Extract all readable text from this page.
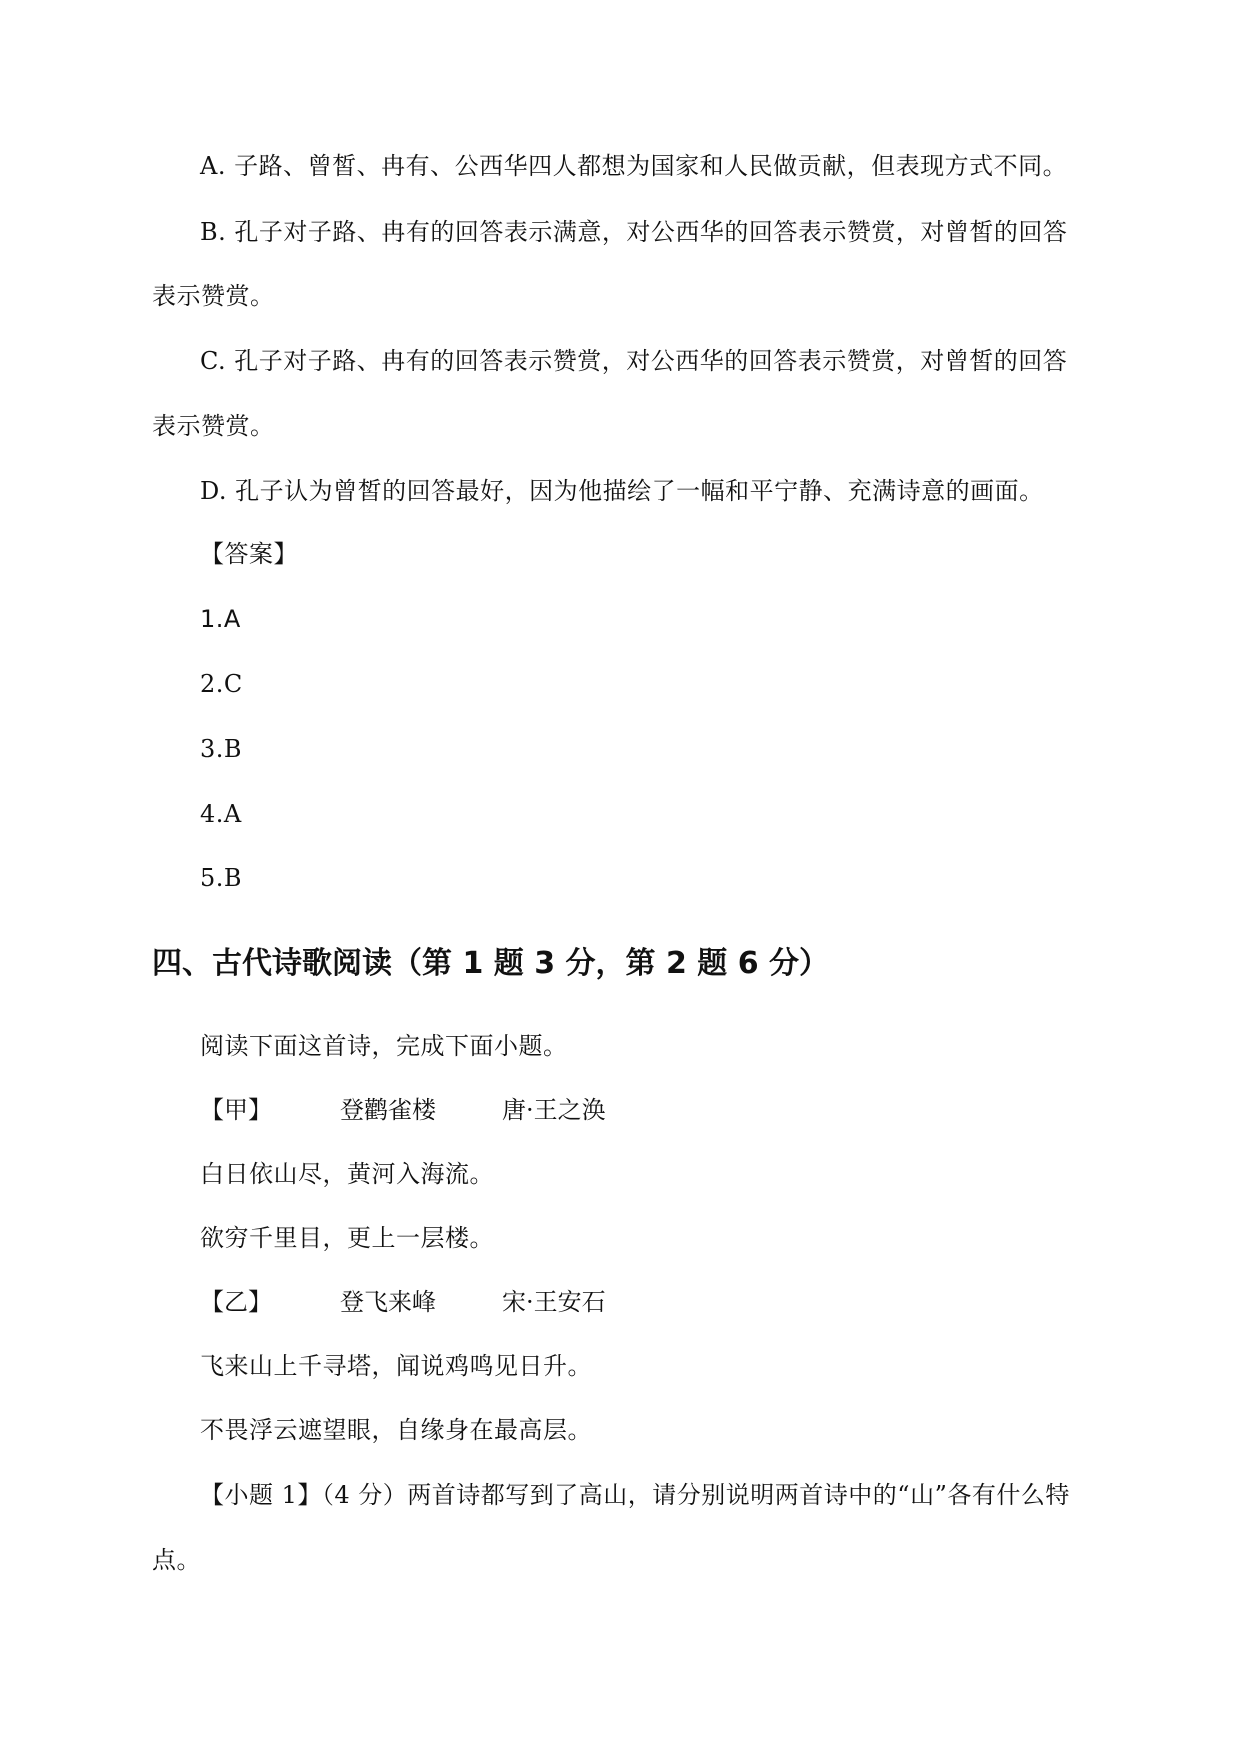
A. 子路、曾皙、冉有、公西华四人都想为国家和人民做贡献，但表现方式不同。
B. 孔子对子路、冉有的回答表示满意，对公西华的回答表示赞赏，对曾皙的回答
表示赞赏。
C. 孔子对子路、冉有的回答表示赞赏，对公西华的回答表示赞赏，对曾皙的回答
表示赞赏。
D. 孔子认为曾皙的回答最好，因为他描绘了一幅和平宁静、充满诗意的画面。
【答案】
1.A
2.C
3.B
4.A
5.B
四、古代诗歌阅读（第 1 题 3 分，第 2 题 6 分）
阅读下面这首诗，完成下面小题。
【甲】	登鹳雀楼	唐·王之涣
白日依山尽，黄河入海流。
欲穷千里目，更上一层楼。
【乙】	登飞来峰	宋·王安石
飞来山上千寻塔，闻说鸡鸣见日升。
不畏浮云遮望眼，自缘身在最高层。
【小题 1】（4 分）两首诗都写到了高山，请分别说明两首诗中的“山”各有什么特
点。
